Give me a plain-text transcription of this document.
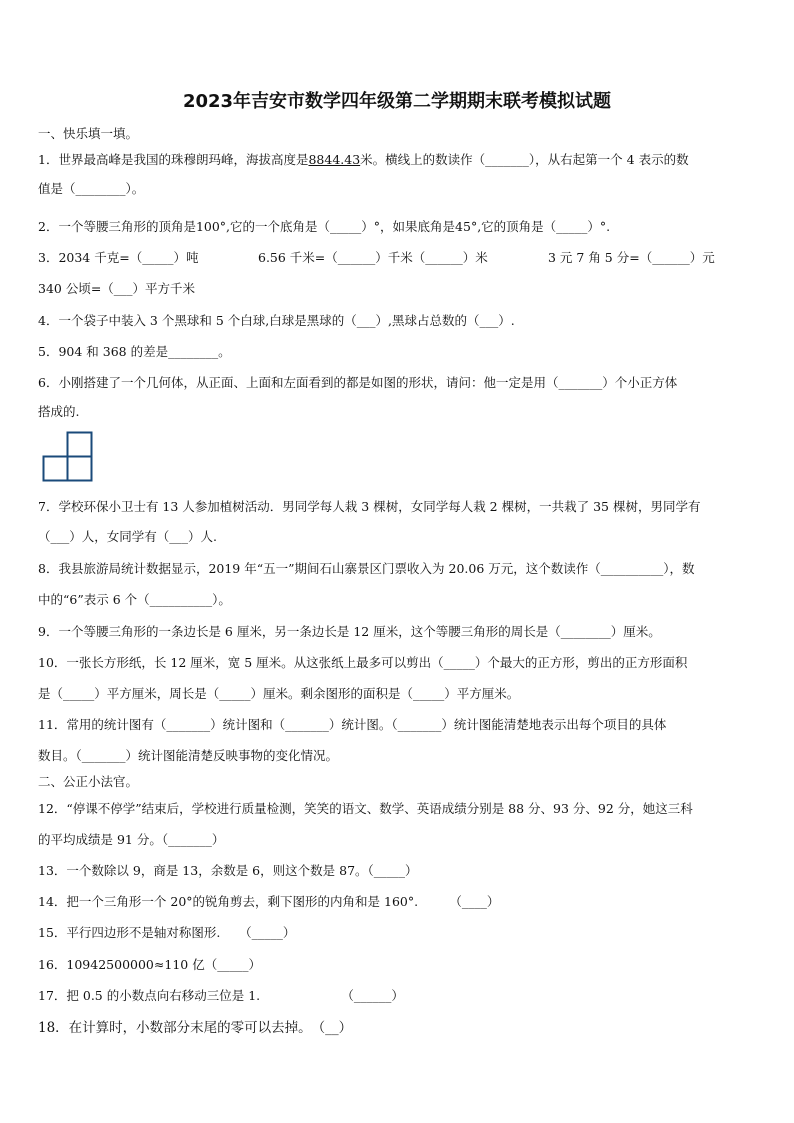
2023年吉安市数学四年级第二学期期末联考模拟试题
一、快乐填一填。
1．世界最高峰是我国的珠穆朗玛峰，海拔高度是8844.43米。横线上的数读作（_______），从右起第一个 4 表示的数
值是（________）。
2．一个等腰三角形的顶角是100°,它的一个底角是（_____）°，如果底角是45°,它的顶角是（_____）°.
3．2034 千克=（_____）吨	6.56 千米=（______）千米（______）米	3 元 7 角 5 分=（______）元
340 公顷=（___）平方千米
4．一个袋子中装入 3 个黑球和 5 个白球,白球是黑球的（___）,黑球占总数的（___）.
5．904 和 368 的差是________。
6．小刚搭建了一个几何体，从正面、上面和左面看到的都是如图的形状，请问：他一定是用（_______）个小正方体
搭成的.
7．学校环保小卫士有 13 人参加植树活动．男同学每人栽 3 棵树，女同学每人栽 2 棵树，一共栽了 35 棵树，男同学有
（___）人，女同学有（___）人.
8．我县旅游局统计数据显示，2019 年“五一”期间石山寨景区门票收入为 20.06 万元，这个数读作（__________），数
中的“6”表示 6 个（__________）。
9．一个等腰三角形的一条边长是 6 厘米，另一条边长是 12 厘米，这个等腰三角形的周长是（________）厘米。
10．一张长方形纸，长 12 厘米，宽 5 厘米。从这张纸上最多可以剪出（_____）个最大的正方形，剪出的正方形面积
是（_____）平方厘米，周长是（_____）厘米。剩余图形的面积是（_____）平方厘米。
11．常用的统计图有（_______）统计图和（_______）统计图。（_______）统计图能清楚地表示出每个项目的具体
数目。（_______）统计图能清楚反映事物的变化情况。
二、公正小法官。
12．“停课不停学”结束后，学校进行质量检测，笑笑的语文、数学、英语成绩分别是 88 分、93 分、92 分，她这三科
的平均成绩是 91 分。（_______）
13．一个数除以 9，商是 13，余数是 6，则这个数是 87。（_____）
14．把一个三角形一个 20°的锐角剪去，剩下图形的内角和是 160°.　　　（____）
15．平行四边形不是轴对称图形.　　（_____）
16．10942500000≈110 亿（_____）
17．把 0.5 的小数点向右移动三位是 1.　　　　　　　（______）
18．在计算时，小数部分末尾的零可以去掉。　（__）
